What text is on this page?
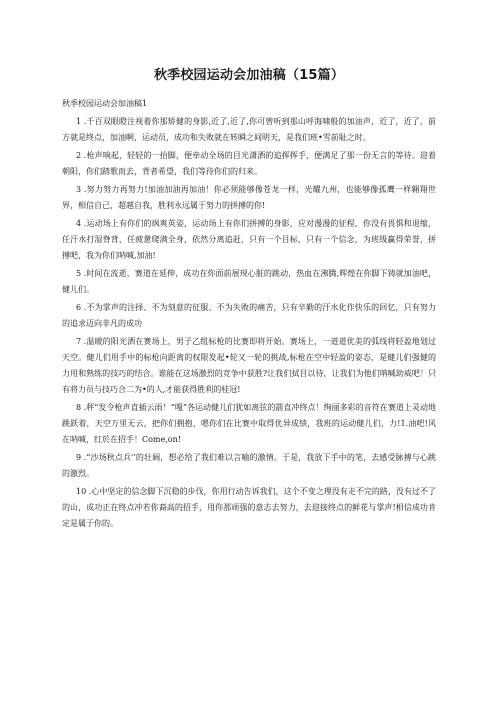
秋季校园运动会加油稿（15篇）
秋季校园运动会加油稿1

1 .千百双眼瞪注视着你那矫健的身影,近了,近了,你可曾听到那山呼海啸般的加油声，近了，近了，前方就是终点，加油啊，运动员，成功和失败就在转瞬之间明天，是我们班•雪前耻之时。

2 .枪声响起，轻轻的一抬脚，便牵动全场的目光潇洒的追挥挥手，便满足了那一份无言的等待。迎着朝阳，你们踏歌而去，背者希望，我们等待你们的归来。

3 .努力努力再努力!加油加油再加油！你必须能够像苍龙一样，光耀九州，也能够像孤鹰一样翱翔世界，相信自己，超越自我，胜利永远属于努力的拼搏的你!

4 .运动场上有你们的飒爽英姿，运动场上有你们拼搏的身影，应对漫漫的征程，你没有畏惧和退缩，任汗水打湿脊背，任疲惫爬满全身，依然分离追赶，只有一个目标，只有一个信念，为班级赢得荣誉，拼搏吧，我为你们呐喊,加油!

5 .时间在流逝，赛道在延伸，成功在你面前展现心脏的跳动，热血在沸腾,辉煌在你脚下铸就加油吧，健儿们。

6 .不为掌声的注择、不为刻意的征服、不为失败的痛苦，只有辛勤的汗水化作快乐的回忆，只有努力的追求迈向非凡的成功

7 .温暖的阳光洒在赛场上，男子乙组标枪的比赛即将开始。赛场上，一道道优美的弧线将轻盈地划过天空。健儿们用手中的标枪向距离的权限发起•轮又一轮的挑战,标枪在空中轻盈的姿态，是健儿们强健的力用和熟练的技巧的结合。谁能在这场激烈的竞争中获胜?让我们拭目以待，让我们为他们呐喊助威吧！只有将力员与技巧合二为•的人,才能获得胜利的桂冠!

8 .秤”发令枪声直插云雨！“嘎”各运动健儿们犹如离弦的箭直冲终点！绚丽多彩的音符在赛道上灵动地跳跃着，天空万里无云，把你们拥抱，嗯你们在比赛中取得优异成绩，我班的运动健儿们，力!1.油吧!风在呐喊，红於在招手！Come,on!

9 .“沙场秋点兵'’的壮阔，想必给了我们难以言喻的激情。于是，我放下手中的笔，去感受脉搏与心跳的激烈。

10 .心中坚定的信念脚下沉稳的步伐，你用行动告诉我们，这个不变之理没有走不完的路，没有过不了的山，成功正在终点冲若你裔高的招手，用你那顽强的意志去努力，去迎接终点的鲜花与掌声!相信成功肯定是属于你的。
